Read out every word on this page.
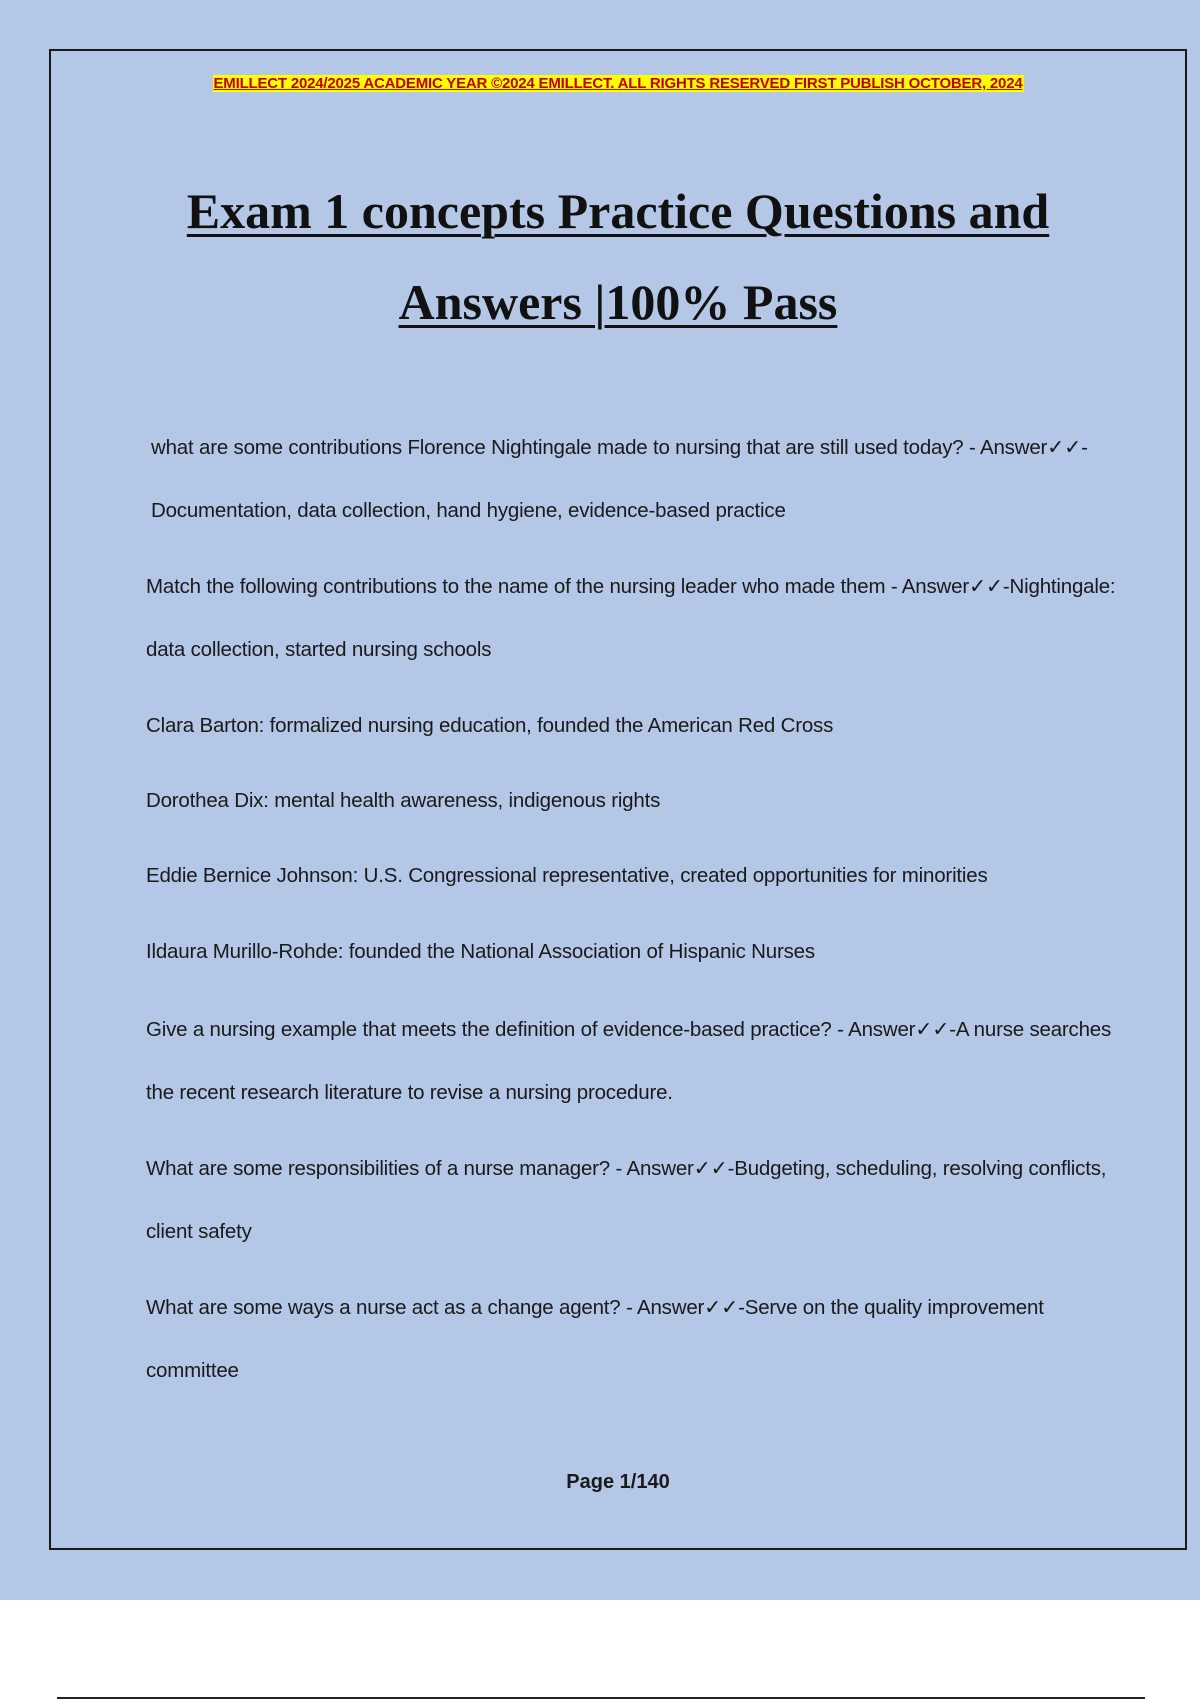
EMILLECT 2024/2025 ACADEMIC YEAR ©2024 EMILLECT. ALL RIGHTS RESERVED FIRST PUBLISH OCTOBER, 2024
Exam 1 concepts Practice Questions and Answers |100% Pass

what are some contributions Florence Nightingale made to nursing that are still used today? - Answer✓✓-Documentation, data collection, hand hygiene, evidence-based practice

Match the following contributions to the name of the nursing leader who made them - Answer✓✓-Nightingale: data collection, started nursing schools

Clara Barton: formalized nursing education, founded the American Red Cross

Dorothea Dix: mental health awareness, indigenous rights

Eddie Bernice Johnson: U.S. Congressional representative, created opportunities for minorities

Ildaura Murillo-Rohde: founded the National Association of Hispanic Nurses

Give a nursing example that meets the definition of evidence-based practice? - Answer✓✓-A nurse searches the recent research literature to revise a nursing procedure.

What are some responsibilities of a nurse manager? - Answer✓✓-Budgeting, scheduling, resolving conflicts, client safety

What are some ways a nurse act as a change agent? - Answer✓✓-Serve on the quality improvement committee

Page 1/140
